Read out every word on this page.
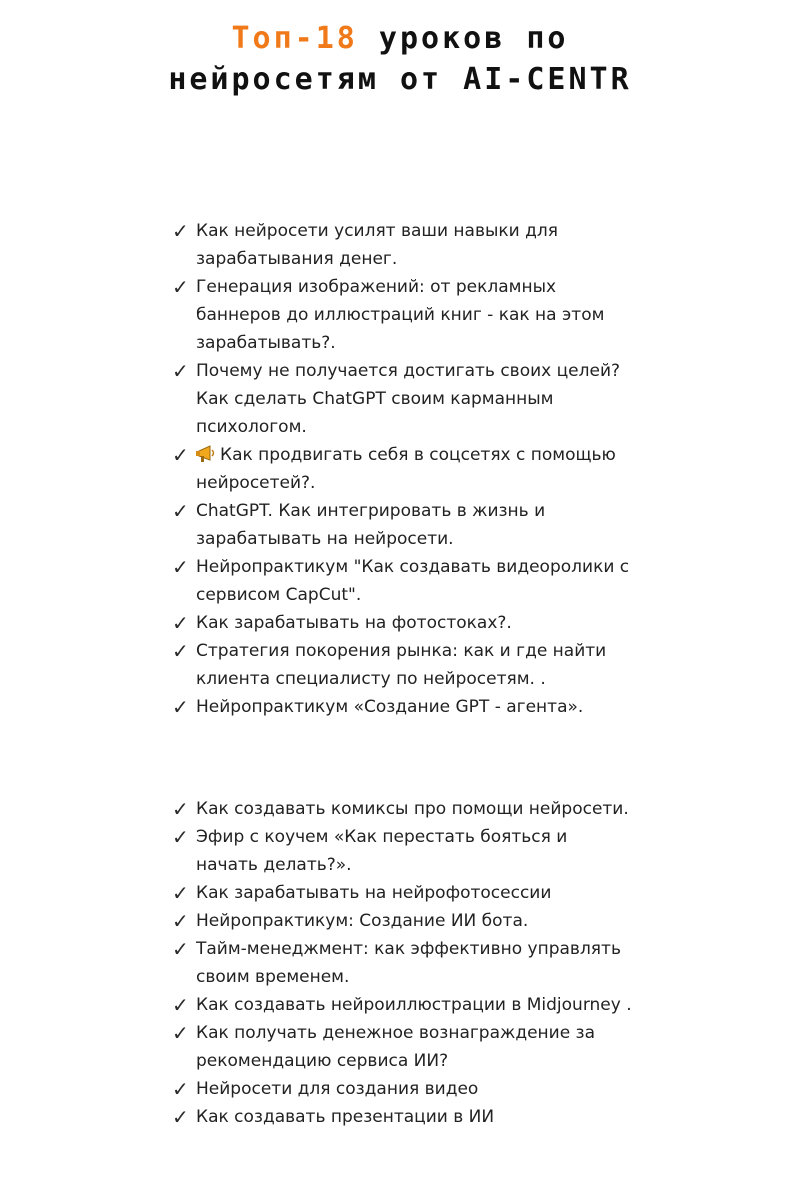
Топ-18 уроков по нейросетям от AI-CENTR
✓ Как нейросети усилят ваши навыки для зарабатывания денег.
✓ Генерация изображений: от рекламных баннеров до иллюстраций книг - как на этом зарабатывать?.
✓ Почему не получается достигать своих целей? Как сделать ChatGPT своим карманным психологом.
✓ Как продвигать себя в соцсетях с помощью нейросетей?.
✓ ChatGPT. Как интегрировать в жизнь и зарабатывать на нейросети.
✓ Нейропрактикум "Как создавать видеоролики с сервисом CapCut".
✓ Как зарабатывать на фотостоках?.
✓ Стратегия покорения рынка: как и где найти клиента специалисту по нейросетям. .
✓ Нейропрактикум «Создание GPT - агента».
✓ Как создавать комиксы про помощи нейросети.
✓ Эфир с коучем «Как перестать бояться и начать делать?».
✓ Как зарабатывать на нейрофотосессии
✓ Нейропрактикум: Создание ИИ бота.
✓ Тайм-менеджмент: как эффективно управлять своим временем.
✓ Как создавать нейроиллюстрации в Midjourney .
✓ Как получать денежное вознаграждение за рекомендацию сервиса ИИ?
✓ Нейросети для создания видео
✓ Как создавать презентации в ИИ
